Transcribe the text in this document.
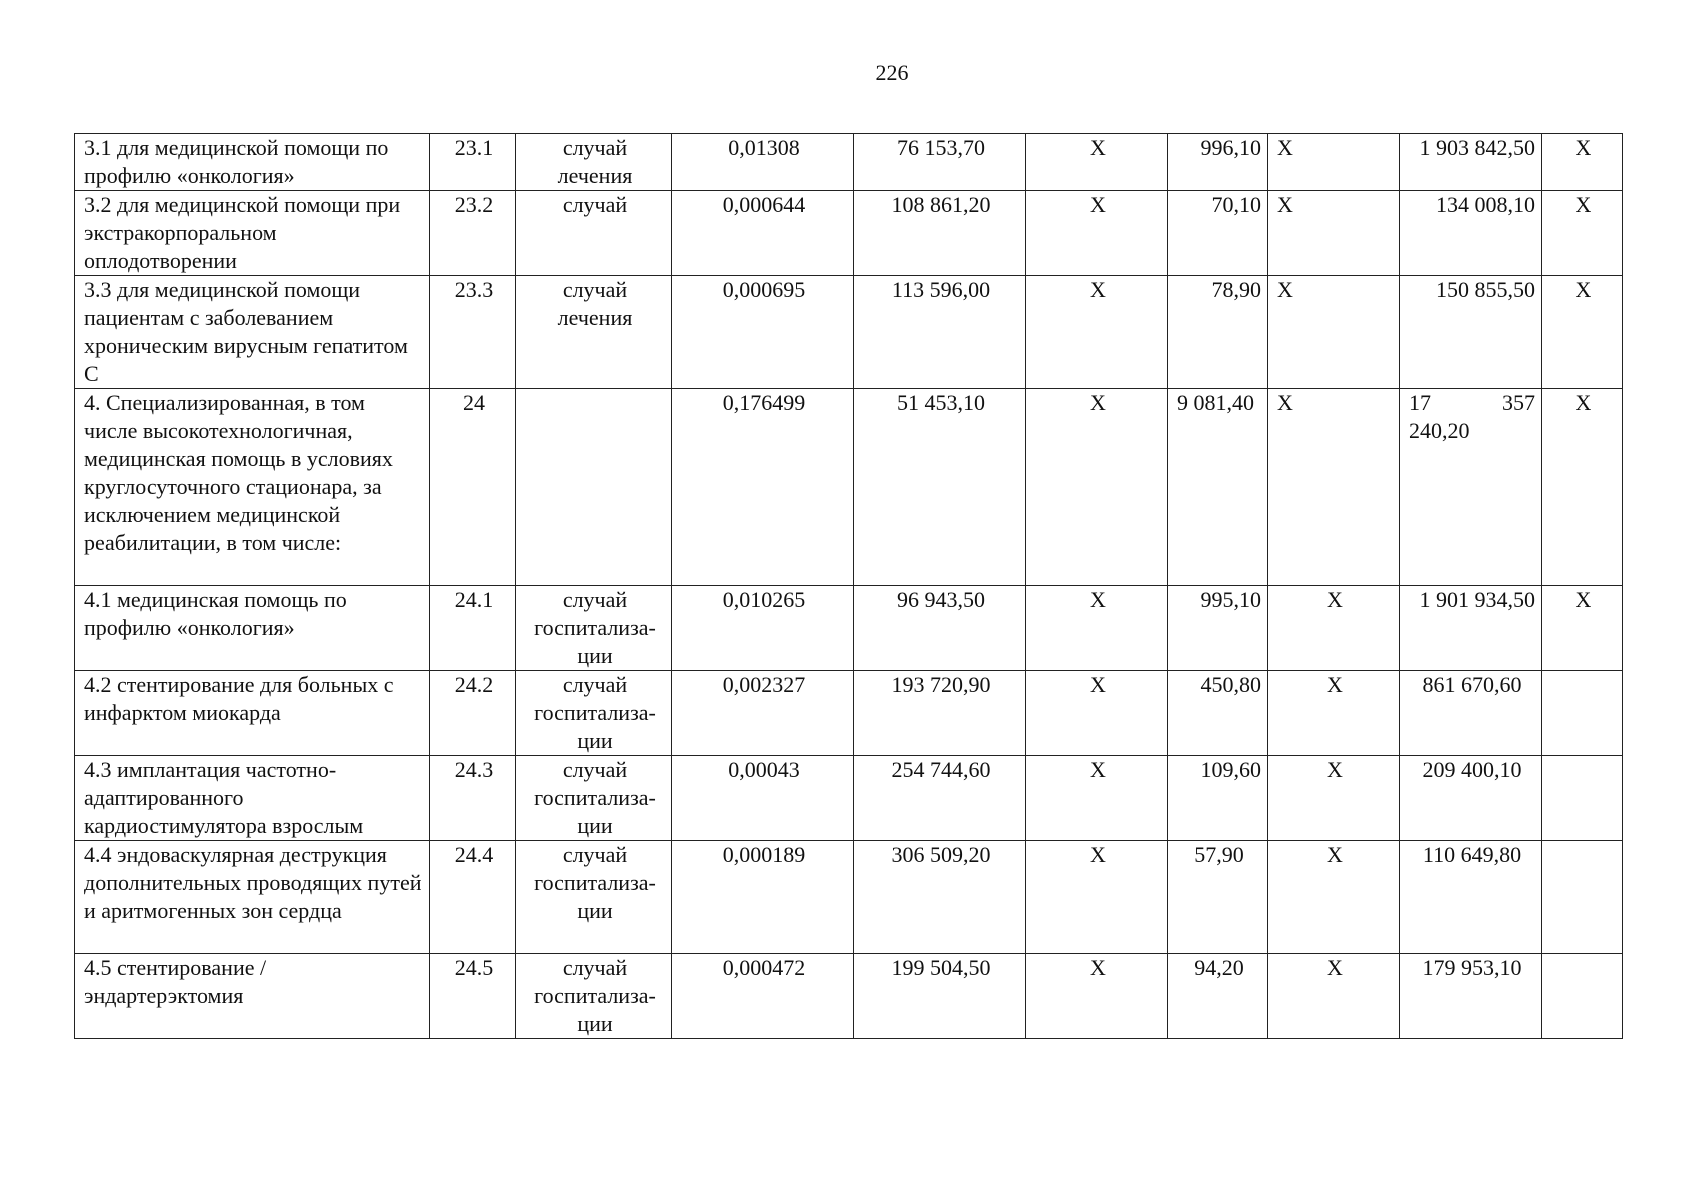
226
3.1 для медицинской помощи по профилю «онкология»	23.1	случай лечения	0,01308	76 153,70	X	996,10	X	1 903 842,50	X
3.2 для медицинской помощи при экстракорпоральном оплодотворении	23.2	случай	0,000644	108 861,20	X	70,10	X	134 008,10	X
3.3 для медицинской помощи пациентам с заболеванием хроническим вирусным гепатитом С	23.3	случай лечения	0,000695	113 596,00	X	78,90	X	150 855,50	X
4. Специализированная, в том числе высокотехнологичная, медицинская помощь в условиях круглосуточного стационара, за исключением медицинской реабилитации, в том числе:	24		0,176499	51 453,10	X	9 081,40	X	17 357 240,20	X
4.1 медицинская помощь по профилю «онкология»	24.1	случай госпитализа-ции	0,010265	96 943,50	X	995,10	X	1 901 934,50	X
4.2 стентирование для больных с инфарктом миокарда	24.2	случай госпитализа-ции	0,002327	193 720,90	X	450,80	X	861 670,60	
4.3 имплантация частотно-адаптированного кардиостимулятора взрослым	24.3	случай госпитализа-ции	0,00043	254 744,60	X	109,60	X	209 400,10	
4.4 эндоваскулярная деструкция дополнительных проводящих путей и аритмогенных зон сердца	24.4	случай госпитализа-ции	0,000189	306 509,20	X	57,90	X	110 649,80	
4.5 стентирование / эндартерэктомия	24.5	случай госпитализа-ции	0,000472	199 504,50	X	94,20	X	179 953,10	
